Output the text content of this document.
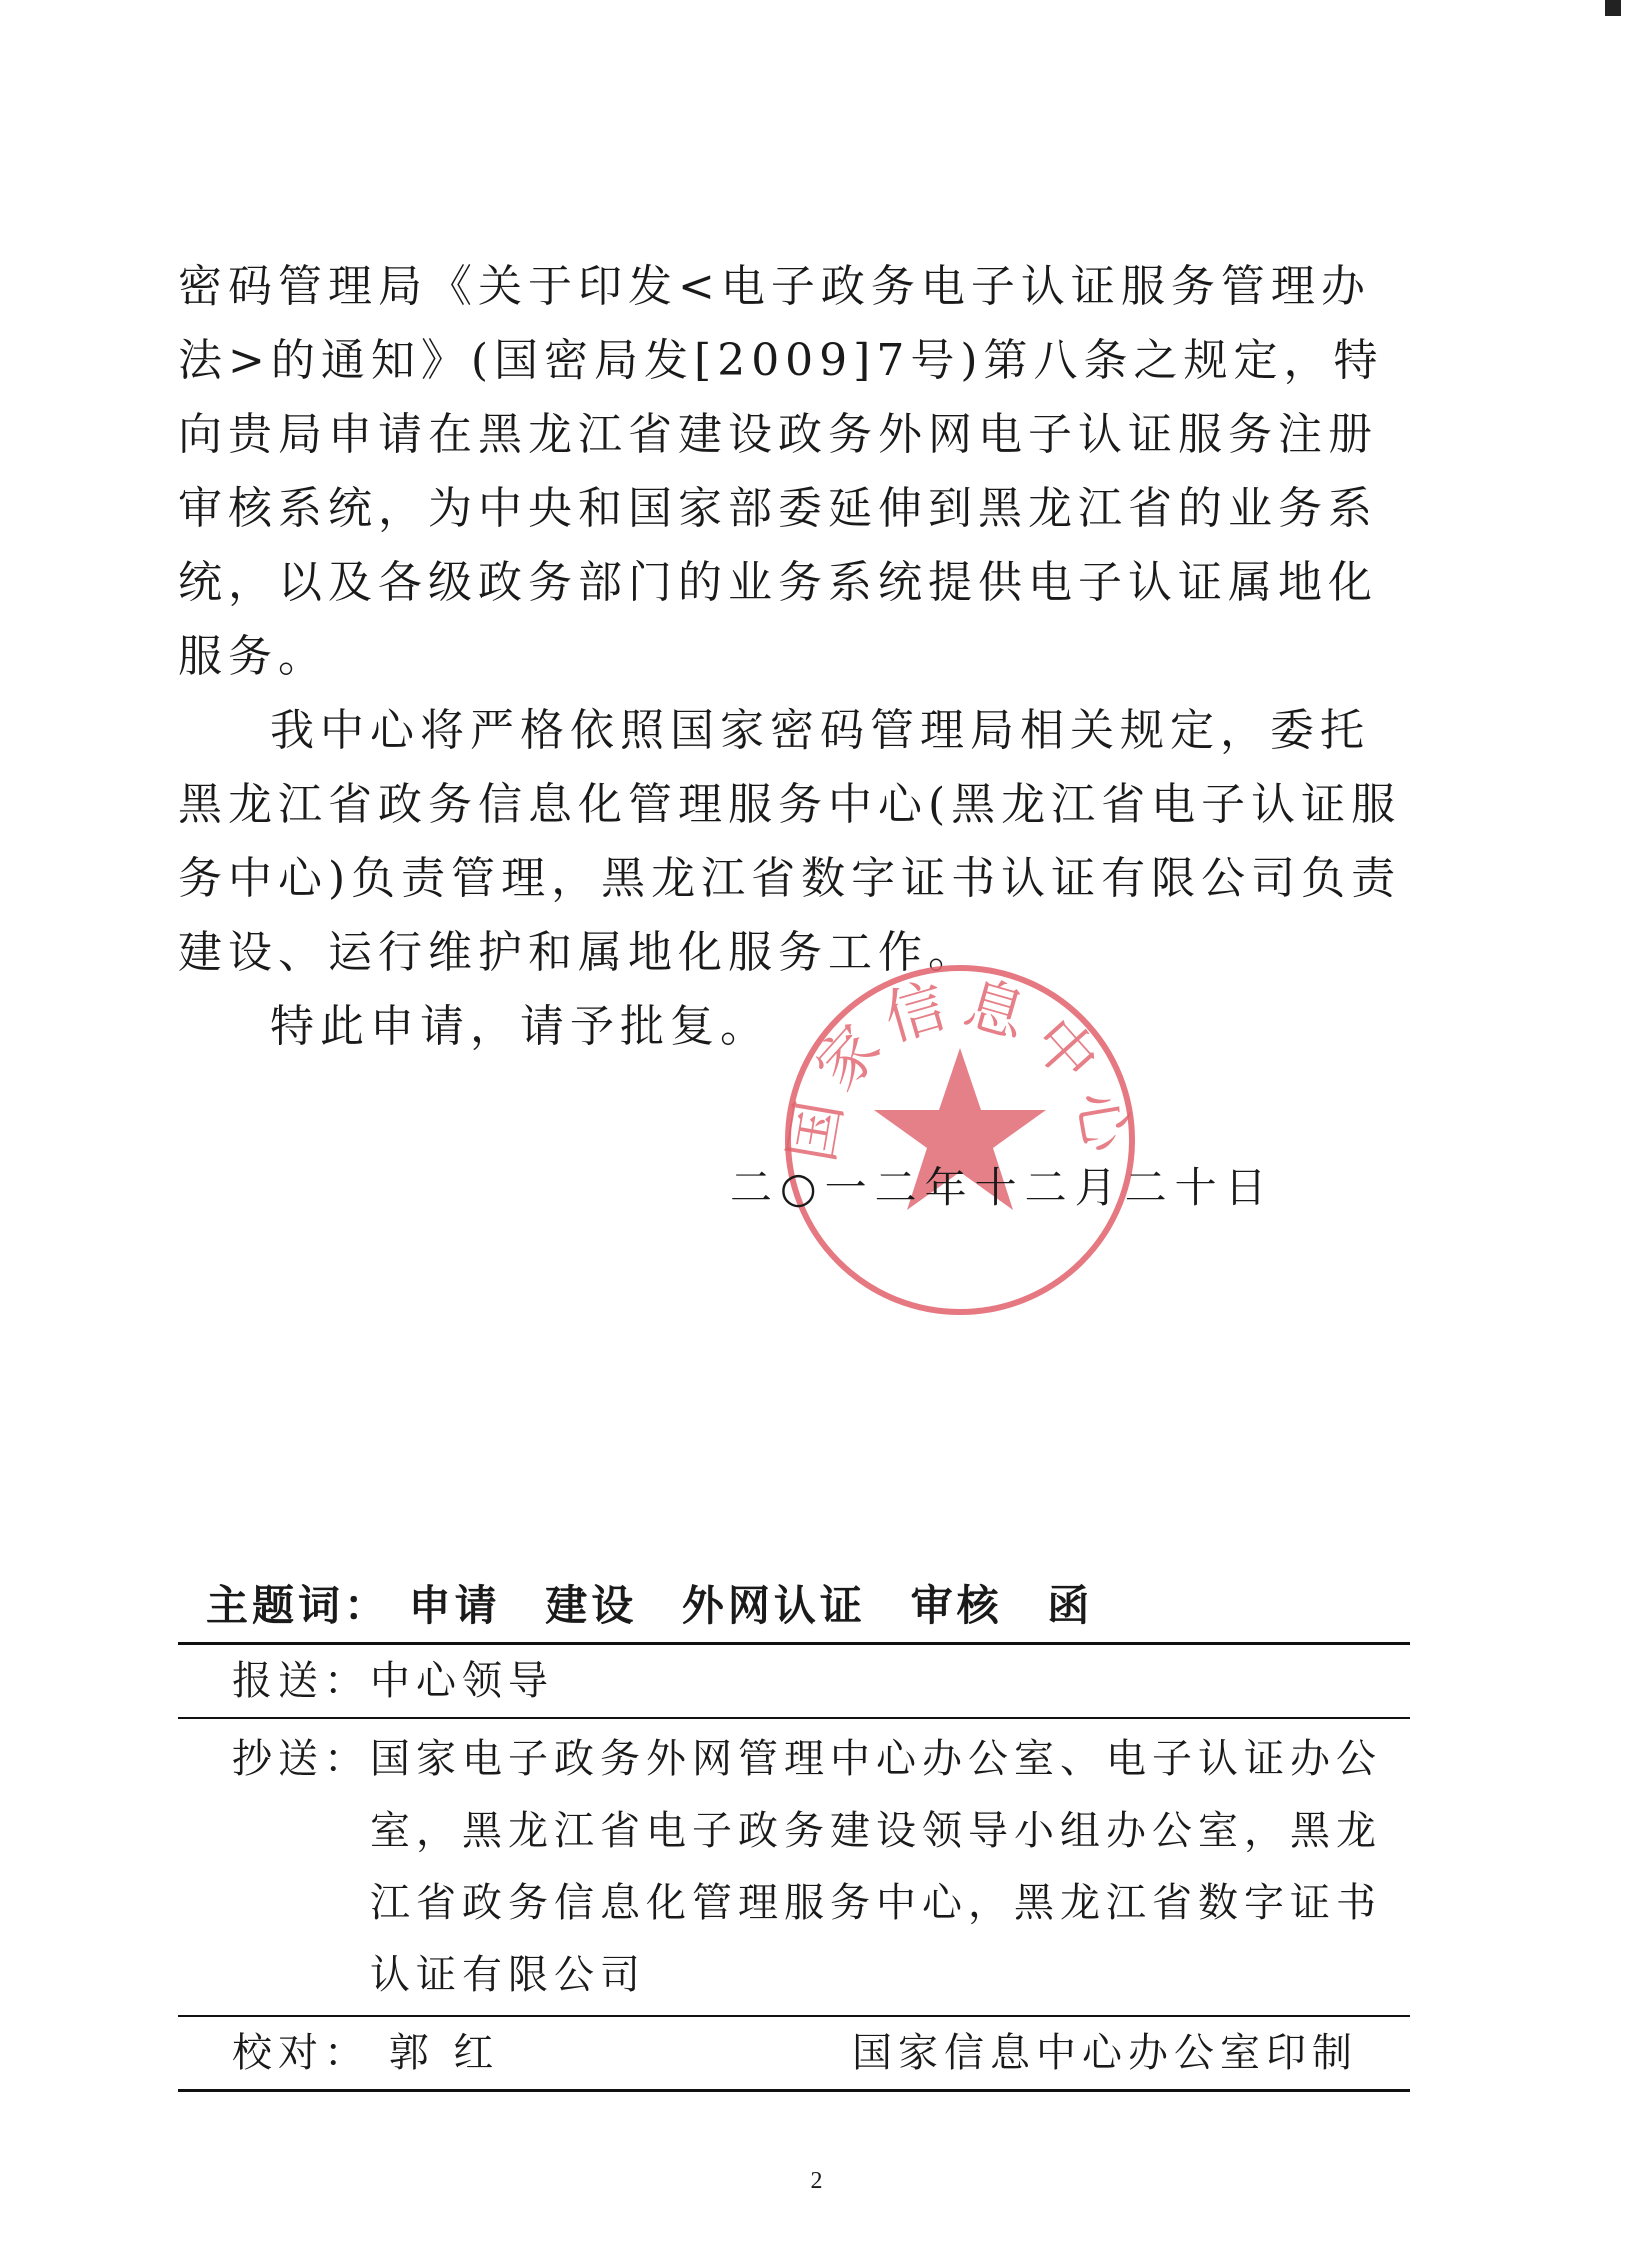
密码管理局《关于印发<电子政务电子认证服务管理办法>的通知》(国密局发[2009]7号)第八条之规定，特向贵局申请在黑龙江省建设政务外网电子认证服务注册审核系统，为中央和国家部委延伸到黑龙江省的业务系统，以及各级政务部门的业务系统提供电子认证属地化服务。

我中心将严格依照国家密码管理局相关规定，委托黑龙江省政务信息化管理服务中心(黑龙江省电子认证服务中心)负责管理，黑龙江省数字证书认证有限公司负责建设、运行维护和属地化服务工作。

特此申请，请予批复。

国家信息中心
二○一二年十二月二十日
主题词： 申请 建设 外网认证 审核 函
报送： 中心领导
抄送： 国家电子政务外网管理中心办公室、电子认证办公室，黑龙江省电子政务建设领导小组办公室，黑龙江省政务信息化管理服务中心，黑龙江省数字证书认证有限公司
校对： 郭 红	国家信息中心办公室印制
2
